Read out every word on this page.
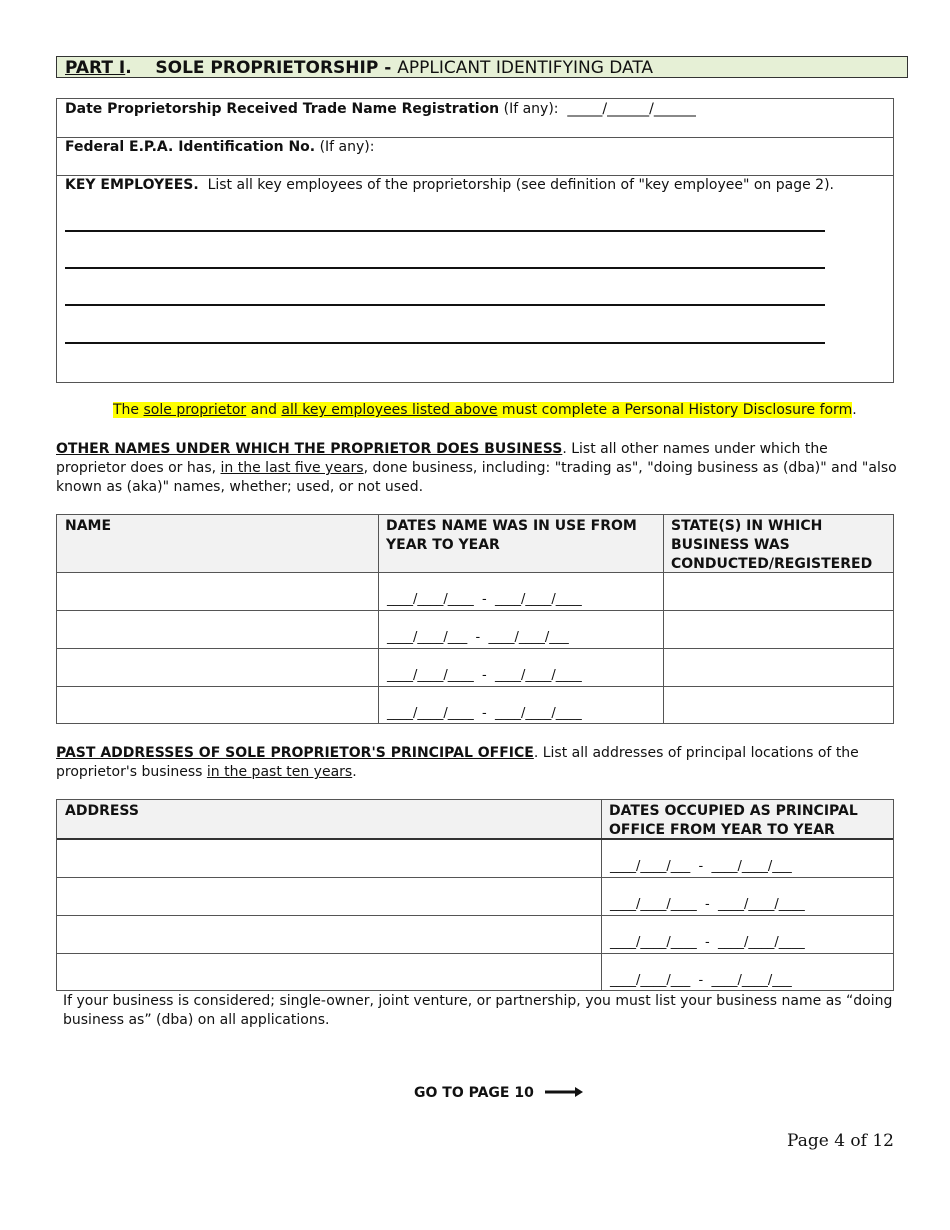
PART I.    SOLE PROPRIETORSHIP - APPLICANT IDENTIFYING DATA
Date Proprietorship Received Trade Name Registration (If any): _____/______/______
Federal E.P.A. Identification No. (If any):
KEY EMPLOYEES. List all key employees of the proprietorship (see definition of "key employee" on page 2).
The sole proprietor and all key employees listed above must complete a Personal History Disclosure form.
OTHER NAMES UNDER WHICH THE PROPRIETOR DOES BUSINESS. List all other names under which the
proprietor does or has, in the last five years, done business, including: "trading as", "doing business as (dba)" and "also
known as (aka)" names, whether; used, or not used.
NAME	DATES NAME WAS IN USE FROM
YEAR TO YEAR
STATE(S) IN WHICH
BUSINESS WAS
CONDUCTED/REGISTERED
____/____/____  -  ____/____/____
____/____/___  -  ____/____/___
____/____/____  -  ____/____/____
____/____/____  -  ____/____/____
PAST ADDRESSES OF SOLE PROPRIETOR'S PRINCIPAL OFFICE. List all addresses of principal locations of the
proprietor's business in the past ten years.
ADDRESS	DATES OCCUPIED AS PRINCIPAL
OFFICE FROM YEAR TO YEAR
____/____/___  -  ____/____/___
____/____/____  -  ____/____/____
____/____/____  -  ____/____/____
____/____/___  -  ____/____/___
If your business is considered; single-owner, joint venture, or partnership, you must list your business name as “doing
business as” (dba) on all applications.
GO TO PAGE 10
Page 4 of 12
